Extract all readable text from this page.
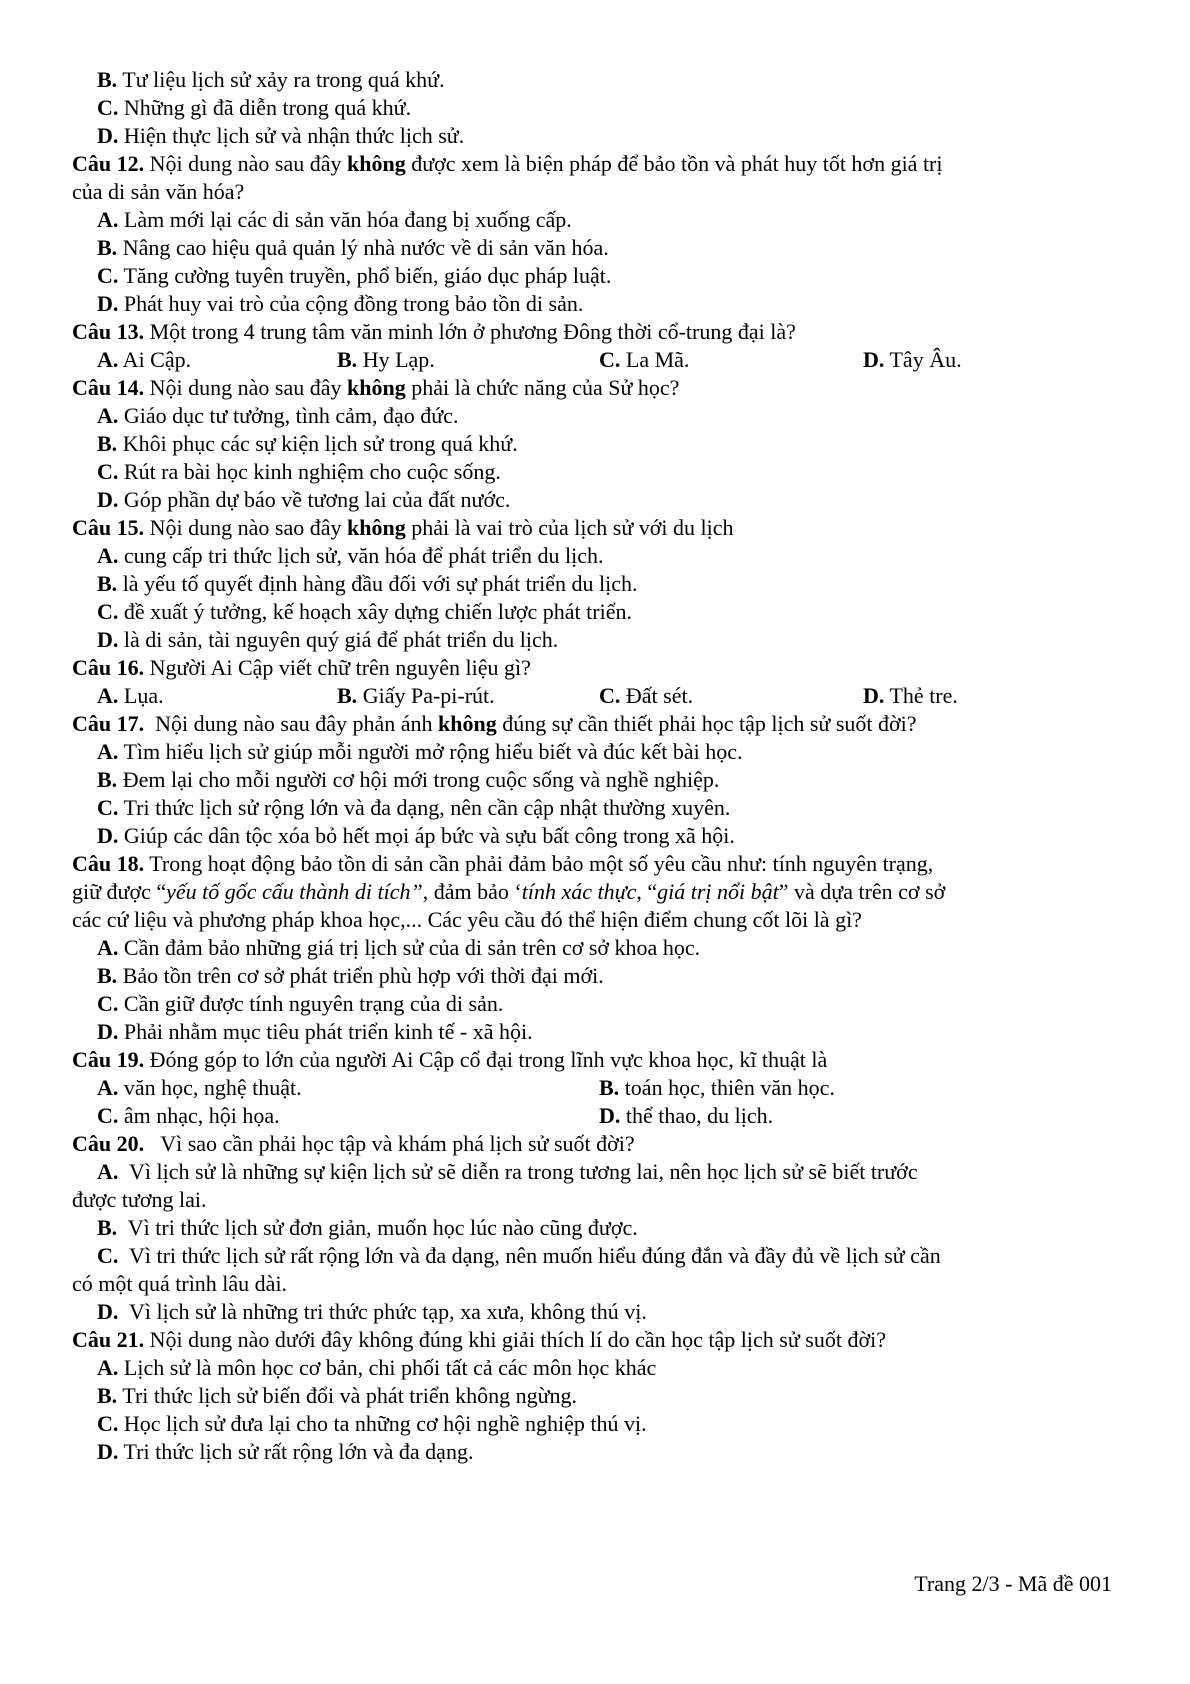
B. Tư liệu lịch sử xảy ra trong quá khứ.
C. Những gì đã diễn trong quá khứ.
D. Hiện thực lịch sử và nhận thức lịch sử.
Câu 12. Nội dung nào sau đây không được xem là biện pháp để bảo tồn và phát huy tốt hơn giá trị
của di sản văn hóa?
A. Làm mới lại các di sản văn hóa đang bị xuống cấp.
B. Nâng cao hiệu quả quản lý nhà nước về di sản văn hóa.
C. Tăng cường tuyên truyền, phổ biến, giáo dục pháp luật.
D. Phát huy vai trò của cộng đồng trong bảo tồn di sản.
Câu 13. Một trong 4 trung tâm văn minh lớn ở phương Đông thời cổ-trung đại là?
A. Ai Cập.	B. Hy Lạp.	C. La Mã.	D. Tây Âu.
Câu 14. Nội dung nào sau đây không phải là chức năng của Sử học?
A. Giáo dục tư tưởng, tình cảm, đạo đức.
B. Khôi phục các sự kiện lịch sử trong quá khứ.
C. Rút ra bài học kinh nghiệm cho cuộc sống.
D. Góp phần dự báo về tương lai của đất nước.
Câu 15. Nội dung nào sao đây không phải là vai trò của lịch sử với du lịch
A. cung cấp tri thức lịch sử, văn hóa để phát triển du lịch.
B. là yếu tố quyết định hàng đầu đối với sự phát triển du lịch.
C. đề xuất ý tưởng, kế hoạch xây dựng chiến lược phát triển.
D. là di sản, tài nguyên quý giá để phát triển du lịch.
Câu 16. Người Ai Cập viết chữ trên nguyên liệu gì?
A. Lụa.	B. Giấy Pa-pi-rút.	C. Đất sét.	D. Thẻ tre.
Câu 17.  Nội dung nào sau đây phản ánh không đúng sự cần thiết phải học tập lịch sử suốt đời?
A. Tìm hiểu lịch sử giúp mỗi người mở rộng hiểu biết và đúc kết bài học.
B. Đem lại cho mỗi người cơ hội mới trong cuộc sống và nghề nghiệp.
C. Tri thức lịch sử rộng lớn và đa dạng, nên cần cập nhật thường xuyên.
D. Giúp các dân tộc xóa bỏ hết mọi áp bức và sựu bất công trong xã hội.
Câu 18. Trong hoạt động bảo tồn di sản cần phải đảm bảo một số yêu cầu như: tính nguyên trạng,
giữ được “yếu tố gốc cấu thành di tích”, đảm bảo ‘tính xác thực, “giá trị nổi bật” và dựa trên cơ sở
các cứ liệu và phương pháp khoa học,... Các yêu cầu đó thể hiện điểm chung cốt lõi là gì?
A. Cần đảm bảo những giá trị lịch sử của di sản trên cơ sở khoa học.
B. Bảo tồn trên cơ sở phát triển phù hợp với thời đại mới.
C. Cần giữ được tính nguyên trạng của di sản.
D. Phải nhằm mục tiêu phát triển kinh tế - xã hội.
Câu 19. Đóng góp to lớn của người Ai Cập cổ đại trong lĩnh vực khoa học, kĩ thuật là
A. văn học, nghệ thuật.	B. toán học, thiên văn học.
C. âm nhạc, hội họa.	D. thể thao, du lịch.
Câu 20.   Vì sao cần phải học tập và khám phá lịch sử suốt đời?
A.  Vì lịch sử là những sự kiện lịch sử sẽ diễn ra trong tương lai, nên học lịch sử sẽ biết trước
được tương lai.
B.  Vì tri thức lịch sử đơn giản, muốn học lúc nào cũng được.
C.  Vì tri thức lịch sử rất rộng lớn và đa dạng, nên muốn hiểu đúng đắn và đầy đủ về lịch sử cần
có một quá trình lâu dài.
D.  Vì lịch sử là những tri thức phức tạp, xa xưa, không thú vị.
Câu 21. Nội dung nào dưới đây không đúng khi giải thích lí do cần học tập lịch sử suốt đời?
A. Lịch sử là môn học cơ bản, chi phối tất cả các môn học khác
B. Tri thức lịch sử biến đổi và phát triển không ngừng.
C. Học lịch sử đưa lại cho ta những cơ hội nghề nghiệp thú vị.
D. Tri thức lịch sử rất rộng lớn và đa dạng.
Trang 2/3 - Mã đề 001
